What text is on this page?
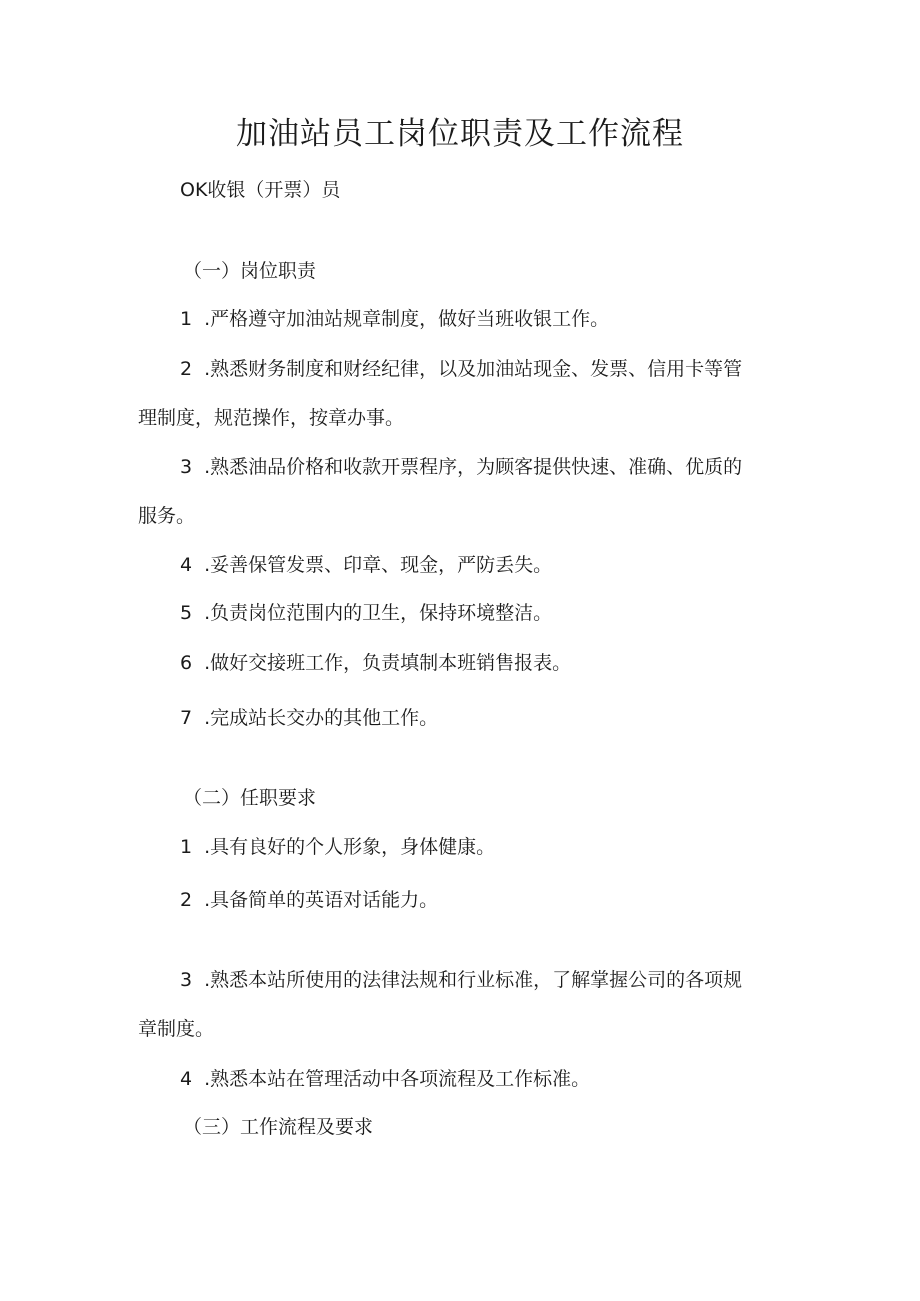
加油站员工岗位职责及工作流程
OK收银（开票）员
（一）岗位职责
1 .严格遵守加油站规章制度，做好当班收银工作。
2 .熟悉财务制度和财经纪律，以及加油站现金、发票、信用卡等管
理制度，规范操作，按章办事。
3 .熟悉油品价格和收款开票程序，为顾客提供快速、准确、优质的
服务。
4 .妥善保管发票、印章、现金，严防丢失。
5 .负责岗位范围内的卫生，保持环境整洁。
6 .做好交接班工作，负责填制本班销售报表。
7 .完成站长交办的其他工作。
（二）任职要求
1 .具有良好的个人形象，身体健康。
2 .具备简单的英语对话能力。
3 .熟悉本站所使用的法律法规和行业标准，了解掌握公司的各项规
章制度。
4 .熟悉本站在管理活动中各项流程及工作标准。
（三）工作流程及要求
